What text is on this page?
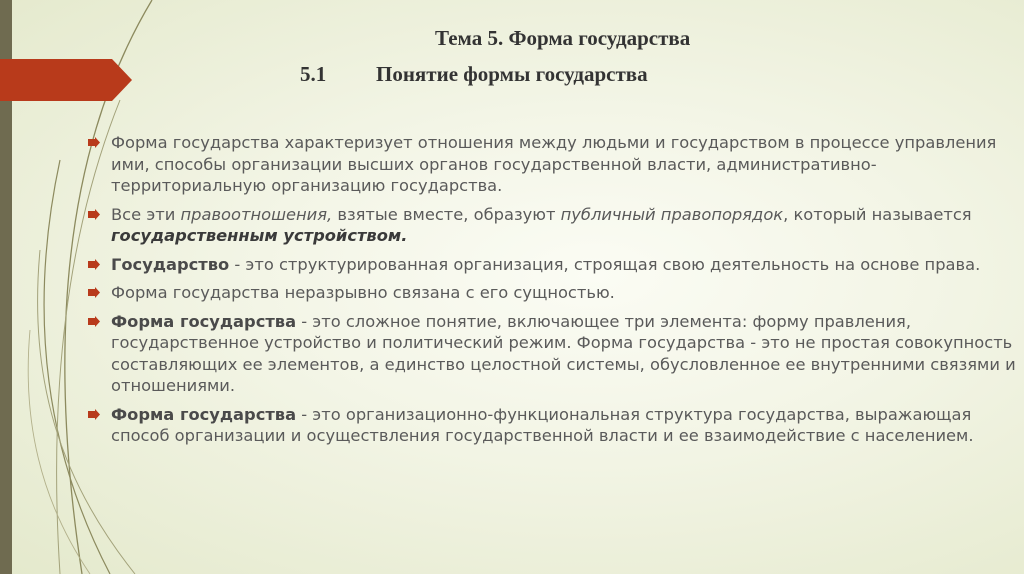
Тема 5. Форма государства
5.1 Понятие формы государства
Форма государства характеризует отношения между людьми и государством в процессе управления ими, способы организации высших органов государственной власти, административно-территориальную организацию государства.
Все эти правоотношения, взятые вместе, образуют публичный правопорядок, который называется государственным устройством.
Государство - это структурированная организация, строящая свою деятельность на основе права.
Форма государства неразрывно связана с его сущностью.
Форма государства - это сложное понятие, включающее три элемента: форму правления, государственное устройство и политический режим. Форма государства - это не простая совокупность составляющих ее элементов, а единство целостной системы, обусловленное ее внутренними связями и отношениями.
Форма государства - это организационно-функциональная структура государства, выражающая способ организации и осуществления государственной власти и ее взаимодействие с населением.
